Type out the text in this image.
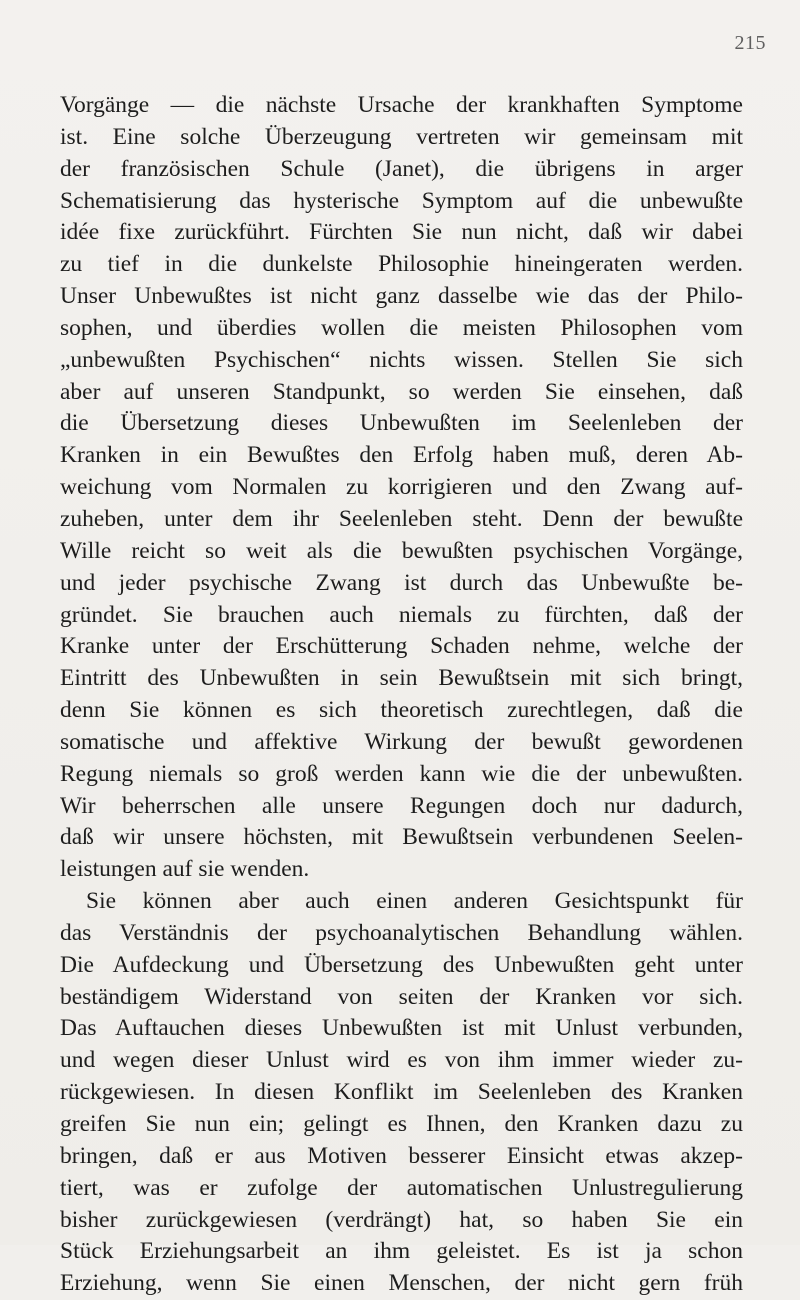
215
Vorgänge — die nächste Ursache der krankhaften Symptome
ist. Eine solche Überzeugung vertreten wir gemeinsam mit
der französischen Schule (Janet), die übrigens in arger
Schematisierung das hysterische Symptom auf die unbewußte
idée fixe zurückführt. Fürchten Sie nun nicht, daß wir dabei
zu tief in die dunkelste Philosophie hineingeraten werden.
Unser Unbewußtes ist nicht ganz dasselbe wie das der Philo-
sophen, und überdies wollen die meisten Philosophen vom
„unbewußten Psychischen“ nichts wissen. Stellen Sie sich
aber auf unseren Standpunkt, so werden Sie einsehen, daß
die Übersetzung dieses Unbewußten im Seelenleben der
Kranken in ein Bewußtes den Erfolg haben muß, deren Ab-
weichung vom Normalen zu korrigieren und den Zwang auf-
zuheben, unter dem ihr Seelenleben steht. Denn der bewußte
Wille reicht so weit als die bewußten psychischen Vorgänge,
und jeder psychische Zwang ist durch das Unbewußte be-
gründet. Sie brauchen auch niemals zu fürchten, daß der
Kranke unter der Erschütterung Schaden nehme, welche der
Eintritt des Unbewußten in sein Bewußtsein mit sich bringt,
denn Sie können es sich theoretisch zurechtlegen, daß die
somatische und affektive Wirkung der bewußt gewordenen
Regung niemals so groß werden kann wie die der unbewußten.
Wir beherrschen alle unsere Regungen doch nur dadurch,
daß wir unsere höchsten, mit Bewußtsein verbundenen Seelen-
leistungen auf sie wenden.
Sie können aber auch einen anderen Gesichtspunkt für
das Verständnis der psychoanalytischen Behandlung wählen.
Die Aufdeckung und Übersetzung des Unbewußten geht unter
beständigem Widerstand von seiten der Kranken vor sich.
Das Auftauchen dieses Unbewußten ist mit Unlust verbunden,
und wegen dieser Unlust wird es von ihm immer wieder zu-
rückgewiesen. In diesen Konflikt im Seelenleben des Kranken
greifen Sie nun ein; gelingt es Ihnen, den Kranken dazu zu
bringen, daß er aus Motiven besserer Einsicht etwas akzep-
tiert, was er zufolge der automatischen Unlustregulierung
bisher zurückgewiesen (verdrängt) hat, so haben Sie ein
Stück Erziehungsarbeit an ihm geleistet. Es ist ja schon
Erziehung, wenn Sie einen Menschen, der nicht gern früh
